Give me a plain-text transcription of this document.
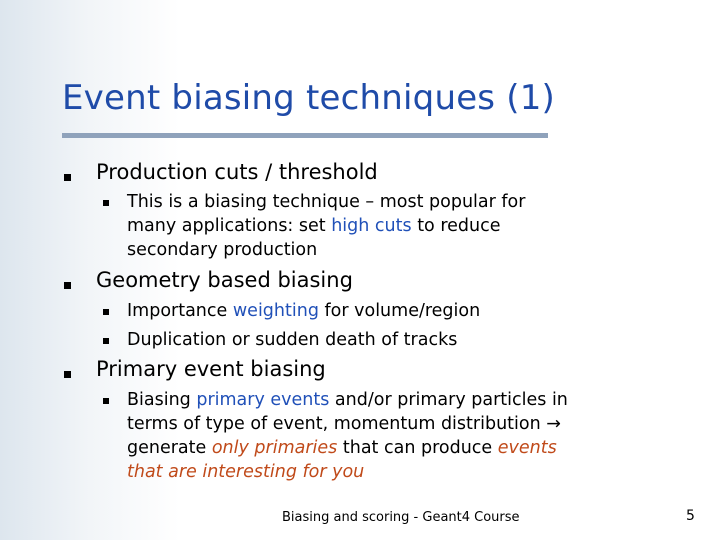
Event biasing techniques (1)
Production cuts / threshold
This is a biasing technique – most popular for
many applications: set high cuts to reduce
secondary production
Geometry based biasing
Importance weighting for volume/region
Duplication or sudden death of tracks
Primary event biasing
Biasing primary events and/or primary particles in
terms of type of event, momentum distribution →
generate only primaries that can produce events
that are interesting for you
Biasing and scoring - Geant4 Course	5
